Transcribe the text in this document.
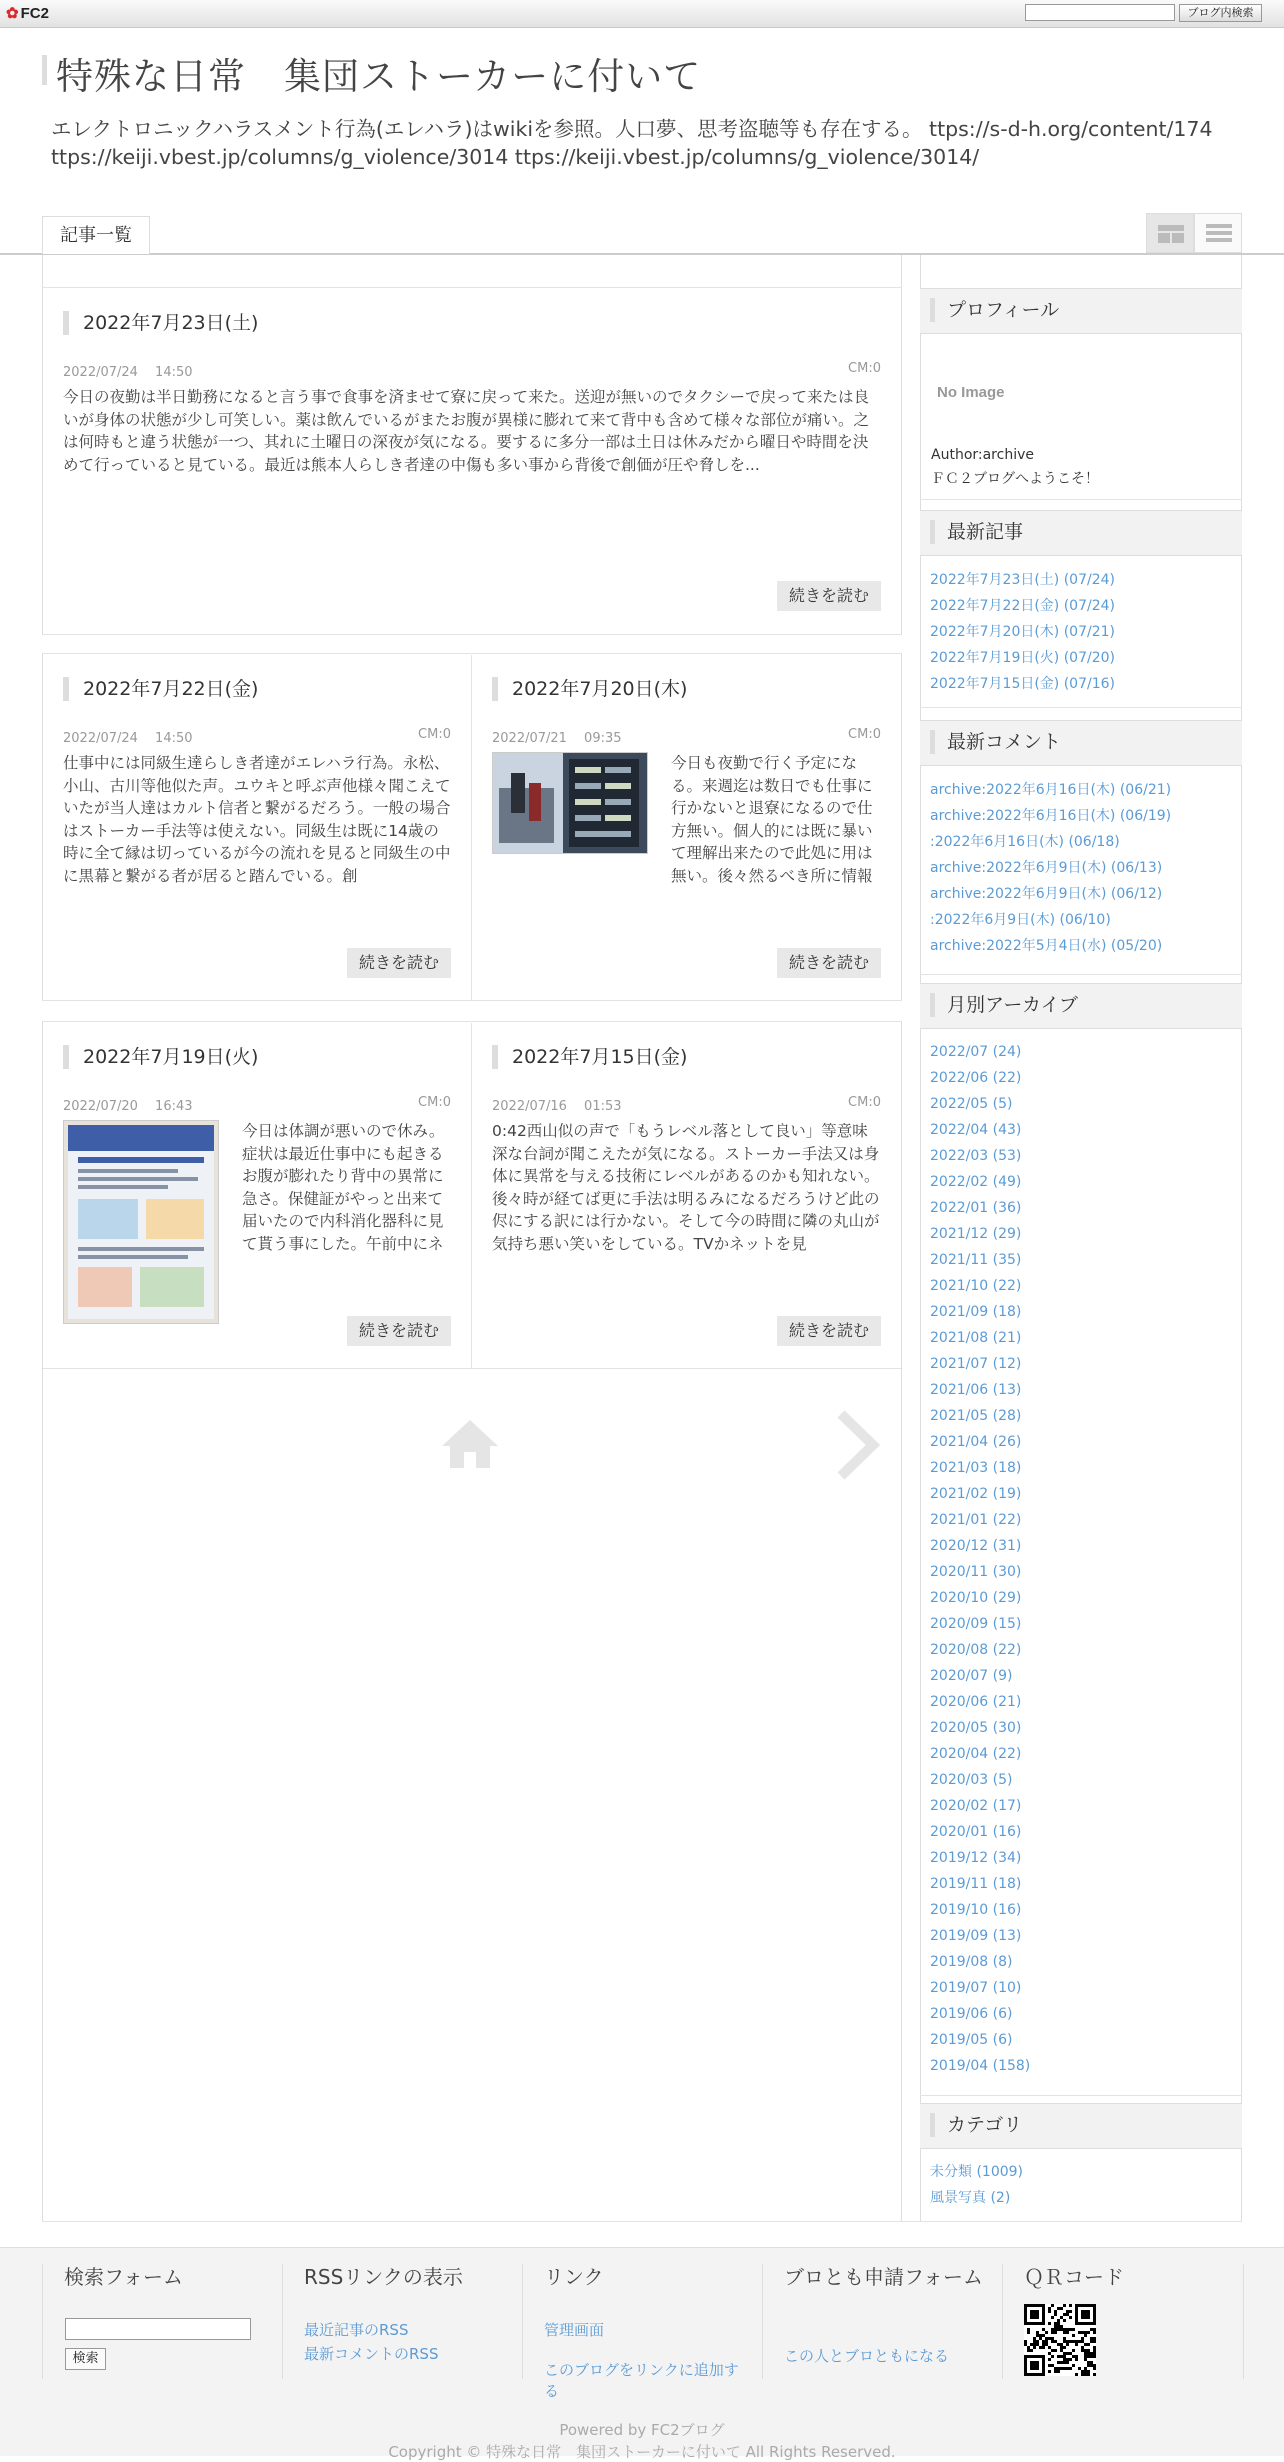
✿ FC2	ブログ内検索
特殊な日常　集団ストーカーに付いて
エレクトロニックハラスメント行為(エレハラ)はwikiを参照。人口夢、思考盗聴等も存在する。 ttps://s-d-h.org/content/174 ttps://keiji.vbest.jp/columns/g_violence/3014 ttps://keiji.vbest.jp/columns/g_violence/3014/
記事一覧
2022年7月23日(土)
2022/07/24　 14:50	CM:0
今日の夜勤は半日勤務になると言う事で食事を済ませて寮に戻って来た。送迎が無いのでタクシーで戻って来たは良いが身体の状態が少し可笑しい。薬は飲んでいるがまたお腹が異様に膨れて来て背中も含めて様々な部位が痛い。之は何時もと違う状態が一つ、其れに土曜日の深夜が気になる。要するに多分一部は土日は休みだから曜日や時間を決めて行っていると見ている。最近は熊本人らしき者達の中傷も多い事から背後で創価が圧や脅しを...
続きを読む
2022年7月22日(金)
2022/07/24　 14:50	CM:0
仕事中には同級生達らしき者達がエレハラ行為。永松、小山、古川等他似た声。ユウキと呼ぶ声他様々聞こえていたが当人達はカルト信者と繋がるだろう。一般の場合はストーカー手法等は使えない。同級生は既に14歳の時に全て縁は切っているが今の流れを見ると同級生の中に黒幕と繋がる者が居ると踏んでいる。創
続きを読む
2022年7月20日(木)
2022/07/21　 09:35	CM:0
今日も夜勤で行く予定になる。来週迄は数日でも仕事に行かないと退寮になるので仕方無い。個人的には既に暴いて理解出来たので此処に用は無い。後々然るべき所に情報
続きを読む
2022年7月19日(火)
2022/07/20　 16:43	CM:0
今日は体調が悪いので休み。症状は最近仕事中にも起きるお腹が膨れたり背中の異常に急さ。保健証がやっと出来て届いたので内科消化器科に見て貰う事にした。午前中にネ
続きを読む
2022年7月15日(金)
2022/07/16　 01:53	CM:0
0:42西山似の声で「もうレベル落として良い」等意味深な台詞が聞こえたが気になる。ストーカー手法又は身体に異常を与える技術にレベルがあるのかも知れない。後々時が経てば更に手法は明るみになるだろうけど此の侭にする訳には行かない。そして今の時間に隣の丸山が気持ち悪い笑いをしている。TVかネットを見
続きを読む
プロフィール
No Image
Author:archive
ＦＣ２ブログへようこそ！
最新記事
2022年7月23日(土) (07/24)
2022年7月22日(金) (07/24)
2022年7月20日(木) (07/21)
2022年7月19日(火) (07/20)
2022年7月15日(金) (07/16)
最新コメント
archive:2022年6月16日(木) (06/21)
archive:2022年6月16日(木) (06/19)
:2022年6月16日(木) (06/18)
archive:2022年6月9日(木) (06/13)
archive:2022年6月9日(木) (06/12)
:2022年6月9日(木) (06/10)
archive:2022年5月4日(水) (05/20)
月別アーカイブ
2022/07 (24)
2022/06 (22)
2022/05 (5)
2022/04 (43)
2022/03 (53)
2022/02 (49)
2022/01 (36)
2021/12 (29)
2021/11 (35)
2021/10 (22)
2021/09 (18)
2021/08 (21)
2021/07 (12)
2021/06 (13)
2021/05 (28)
2021/04 (26)
2021/03 (18)
2021/02 (19)
2021/01 (22)
2020/12 (31)
2020/11 (30)
2020/10 (29)
2020/09 (15)
2020/08 (22)
2020/07 (9)
2020/06 (21)
2020/05 (30)
2020/04 (22)
2020/03 (5)
2020/02 (17)
2020/01 (16)
2019/12 (34)
2019/11 (18)
2019/10 (16)
2019/09 (13)
2019/08 (8)
2019/07 (10)
2019/06 (6)
2019/05 (6)
2019/04 (158)
カテゴリ
未分類 (1009)
風景写真 (2)
検索フォーム
検索
RSSリンクの表示
最近記事のRSS
最新コメントのRSS
リンク
管理画面
このブログをリンクに追加する
ブロとも申請フォーム
この人とブロともになる
ＱＲコード
Powered by FC2ブログ
Copyright © 特殊な日常　集団ストーカーに付いて All Rights Reserved.
